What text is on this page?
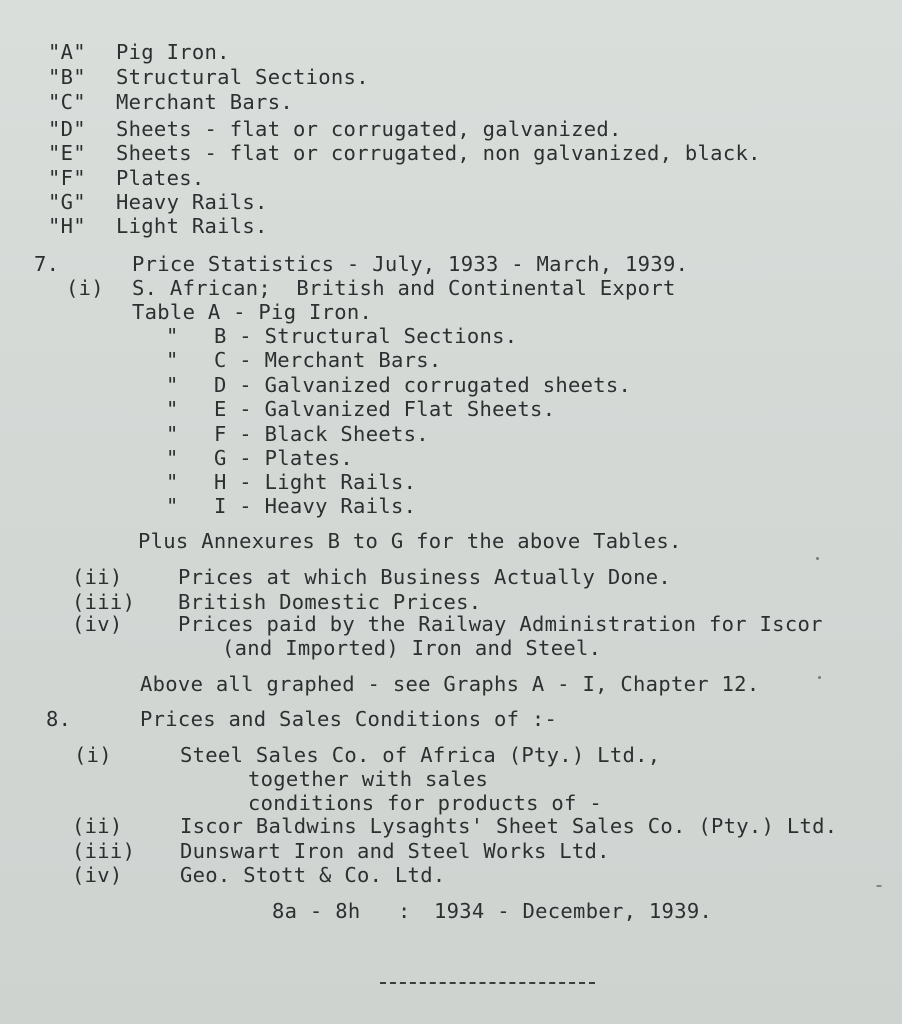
"A" Pig Iron.
"B" Structural Sections.
"C" Merchant Bars.
"D" Sheets - flat or corrugated, galvanized.
"E" Sheets - flat or corrugated, non galvanized, black.
"F" Plates.
"G" Heavy Rails.
"H" Light Rails.
7.	Price Statistics - July, 1933 - March, 1939.
(i) S. African;  British and Continental Export
Table A - Pig Iron.
" B - Structural Sections.
" C - Merchant Bars.
" D - Galvanized corrugated sheets.
" E - Galvanized Flat Sheets.
" F - Black Sheets.
" G - Plates.
" H - Light Rails.
" I - Heavy Rails.
Plus Annexures B to G for the above Tables.
(ii)	Prices at which Business Actually Done.
(iii) British Domestic Prices.
(iv)	Prices paid by the Railway Administration for Iscor
(and Imported) Iron and Steel.
Above all graphed - see Graphs A - I, Chapter 12.
8.	Prices and Sales Conditions of :-
(i)	Steel Sales Co. of Africa (Pty.) Ltd.,
together with sales
conditions for products of -
(ii)	Iscor Baldwins Lysaghts' Sheet Sales Co. (Pty.) Ltd.
(iii) Dunswart Iron and Steel Works Ltd.
(iv)	Geo. Stott & Co. Ltd.
8a - 8h : 1934 - December, 1939.
